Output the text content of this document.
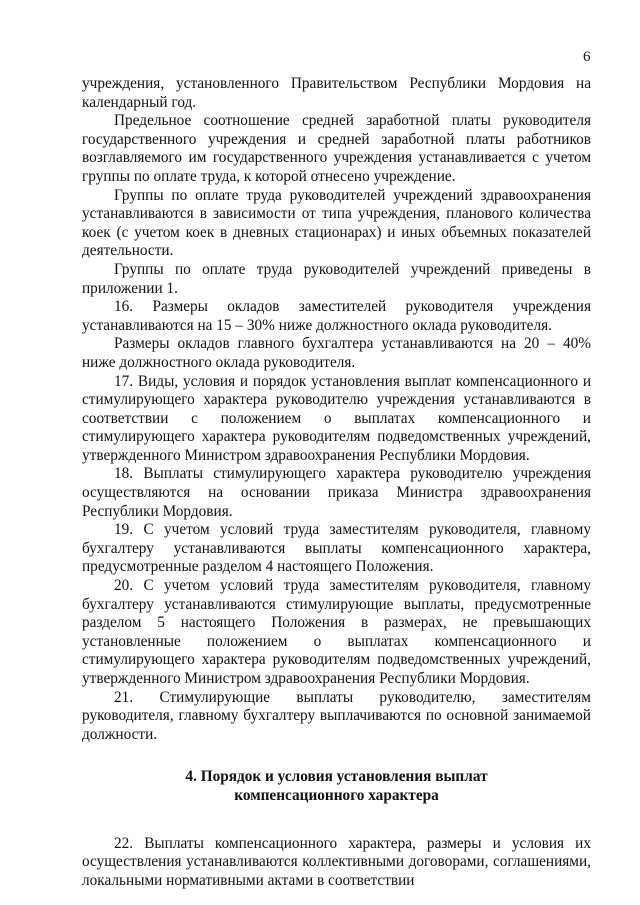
6

учреждения, установленного Правительством Республики Мордовия на календарный год.

Предельное соотношение средней заработной платы руководителя государственного учреждения и средней заработной платы работников возглавляемого им государственного учреждения устанавливается с учетом группы по оплате труда, к которой отнесено учреждение.

Группы по оплате труда руководителей учреждений здравоохранения устанавливаются в зависимости от типа учреждения, планового количества коек (с учетом коек в дневных стационарах) и иных объемных показателей деятельности.

Группы по оплате труда руководителей учреждений приведены в приложении 1.

16. Размеры окладов заместителей руководителя учреждения устанавливаются на 15 – 30% ниже должностного оклада руководителя.

Размеры окладов главного бухгалтера устанавливаются на 20 – 40% ниже должностного оклада руководителя.

17. Виды, условия и порядок установления выплат компенсационного и стимулирующего характера руководителю учреждения устанавливаются в соответствии с положением о выплатах компенсационного и стимулирующего характера руководителям подведомственных учреждений, утвержденного Министром здравоохранения Республики Мордовия.

18. Выплаты стимулирующего характера руководителю учреждения осуществляются на основании приказа Министра здравоохранения Республики Мордовия.

19. С учетом условий труда заместителям руководителя, главному бухгалтеру устанавливаются выплаты компенсационного характера, предусмотренные разделом 4 настоящего Положения.

20. С учетом условий труда заместителям руководителя, главному бухгалтеру устанавливаются стимулирующие выплаты, предусмотренные разделом 5 настоящего Положения в размерах, не превышающих установленные положением о выплатах компенсационного и стимулирующего характера руководителям подведомственных учреждений, утвержденного Министром здравоохранения Республики Мордовия.

21. Стимулирующие выплаты руководителю, заместителям руководителя, главному бухгалтеру выплачиваются по основной занимаемой должности.

4. Порядок и условия установления выплат
компенсационного характера

22. Выплаты компенсационного характера, размеры и условия их осуществления устанавливаются коллективными договорами, соглашениями, локальными нормативными актами в соответствии
